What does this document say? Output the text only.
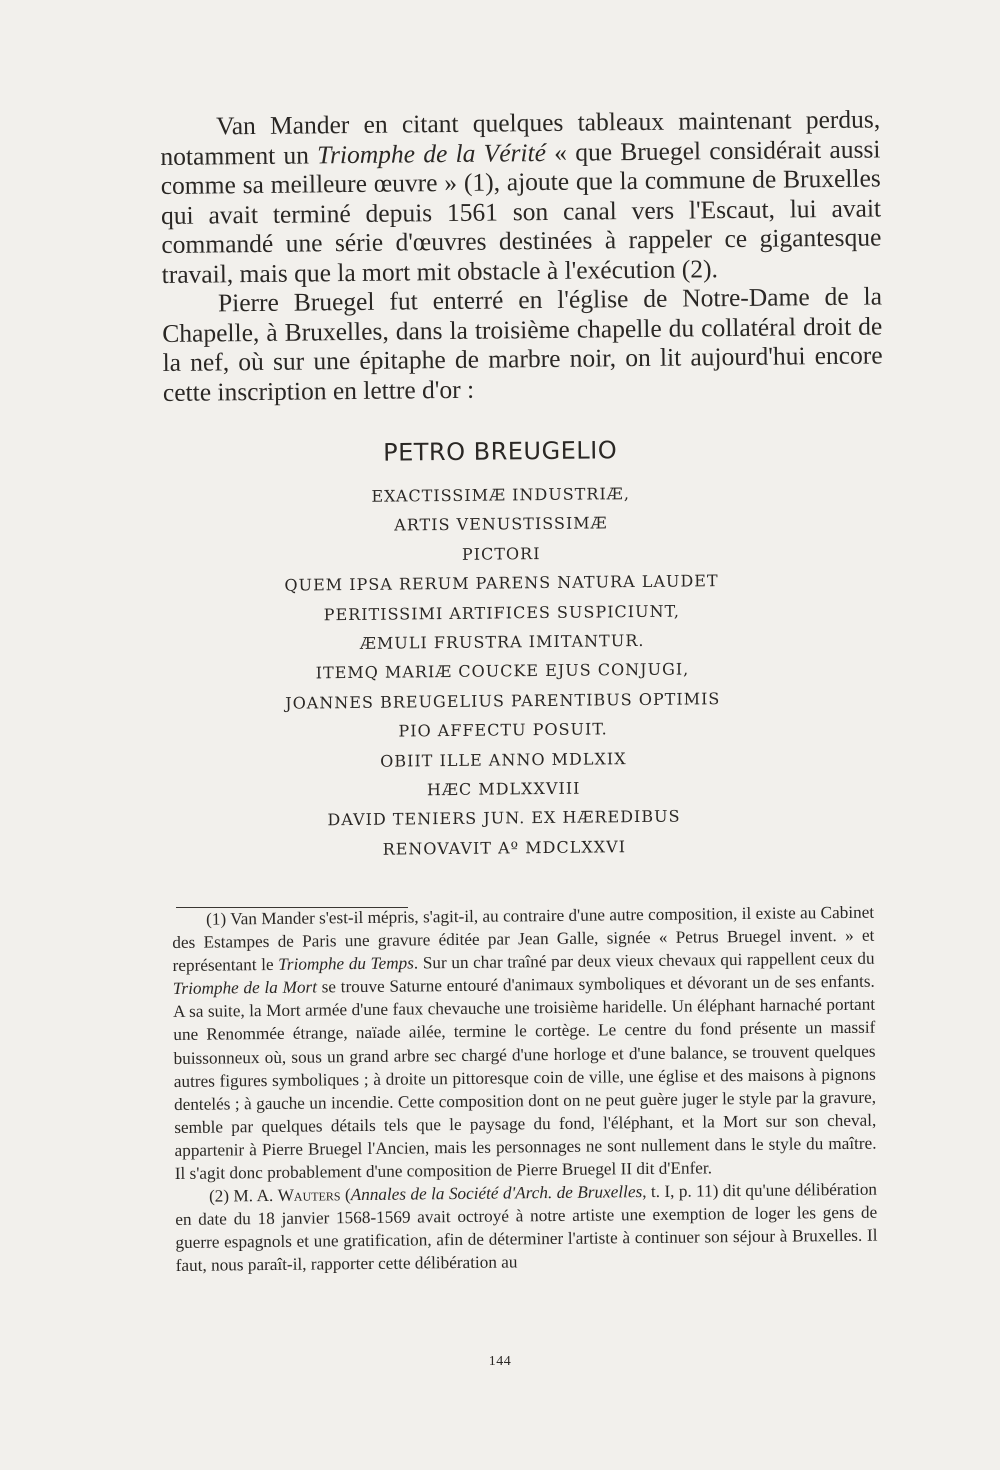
Van Mander en citant quelques tableaux maintenant perdus, notamment un Triomphe de la Vérité « que Bruegel considérait aussi comme sa meilleure œuvre » (1), ajoute que la commune de Bruxelles qui avait terminé depuis 1561 son canal vers l'Escaut, lui avait commandé une série d'œuvres destinées à rappeler ce gigantesque travail, mais que la mort mit obstacle à l'exécution (2).

Pierre Bruegel fut enterré en l'église de Notre-Dame de la Chapelle, à Bruxelles, dans la troisième chapelle du collatéral droit de la nef, où sur une épitaphe de marbre noir, on lit aujourd'hui encore cette inscription en lettre d'or :

PETRO BREUGELIO
EXACTISSIMÆ INDUSTRIÆ,
ARTIS VENUSTISSIMÆ
PICTORI
QUEM IPSA RERUM PARENS NATURA LAUDET
PERITISSIMI ARTIFICES SUSPICIUNT,
ÆMULI FRUSTRA IMITANTUR.
ITEMQ MARIÆ COUCKE EJUS CONJUGI,
JOANNES BREUGELIUS PARENTIBUS OPTIMIS
PIO AFFECTU POSUIT.
OBIIT ILLE ANNO MDLXIX
HÆC MDLXXVIII
DAVID TENIERS JUN. EX HÆREDIBUS
RENOVAVIT Aº MDCLXXVI

(1) Van Mander s'est-il mépris, s'agit-il, au contraire d'une autre composition, il existe au Cabinet des Estampes de Paris une gravure éditée par Jean Galle, signée « Petrus Bruegel invent. » et représentant le Triomphe du Temps. Sur un char traîné par deux vieux chevaux qui rappellent ceux du Triomphe de la Mort se trouve Saturne entouré d'animaux symboliques et dévorant un de ses enfants. A sa suite, la Mort armée d'une faux chevauche une troisième haridelle. Un éléphant harnaché portant une Renommée étrange, naïade ailée, termine le cortège. Le centre du fond présente un massif buissonneux où, sous un grand arbre sec chargé d'une horloge et d'une balance, se trouvent quelques autres figures symboliques ; à droite un pittoresque coin de ville, une église et des maisons à pignons dentelés ; à gauche un incendie. Cette composition dont on ne peut guère juger le style par la gravure, semble par quelques détails tels que le paysage du fond, l'éléphant, et la Mort sur son cheval, appartenir à Pierre Bruegel l'Ancien, mais les personnages ne sont nullement dans le style du maître. Il s'agit donc probablement d'une composition de Pierre Bruegel II dit d'Enfer.

(2) M. A. Wauters (Annales de la Société d'Arch. de Bruxelles, t. I, p. 11) dit qu'une délibération en date du 18 janvier 1568-1569 avait octroyé à notre artiste une exemption de loger les gens de guerre espagnols et une gratification, afin de déterminer l'artiste à continuer son séjour à Bruxelles. Il faut, nous paraît-il, rapporter cette délibération au

144
